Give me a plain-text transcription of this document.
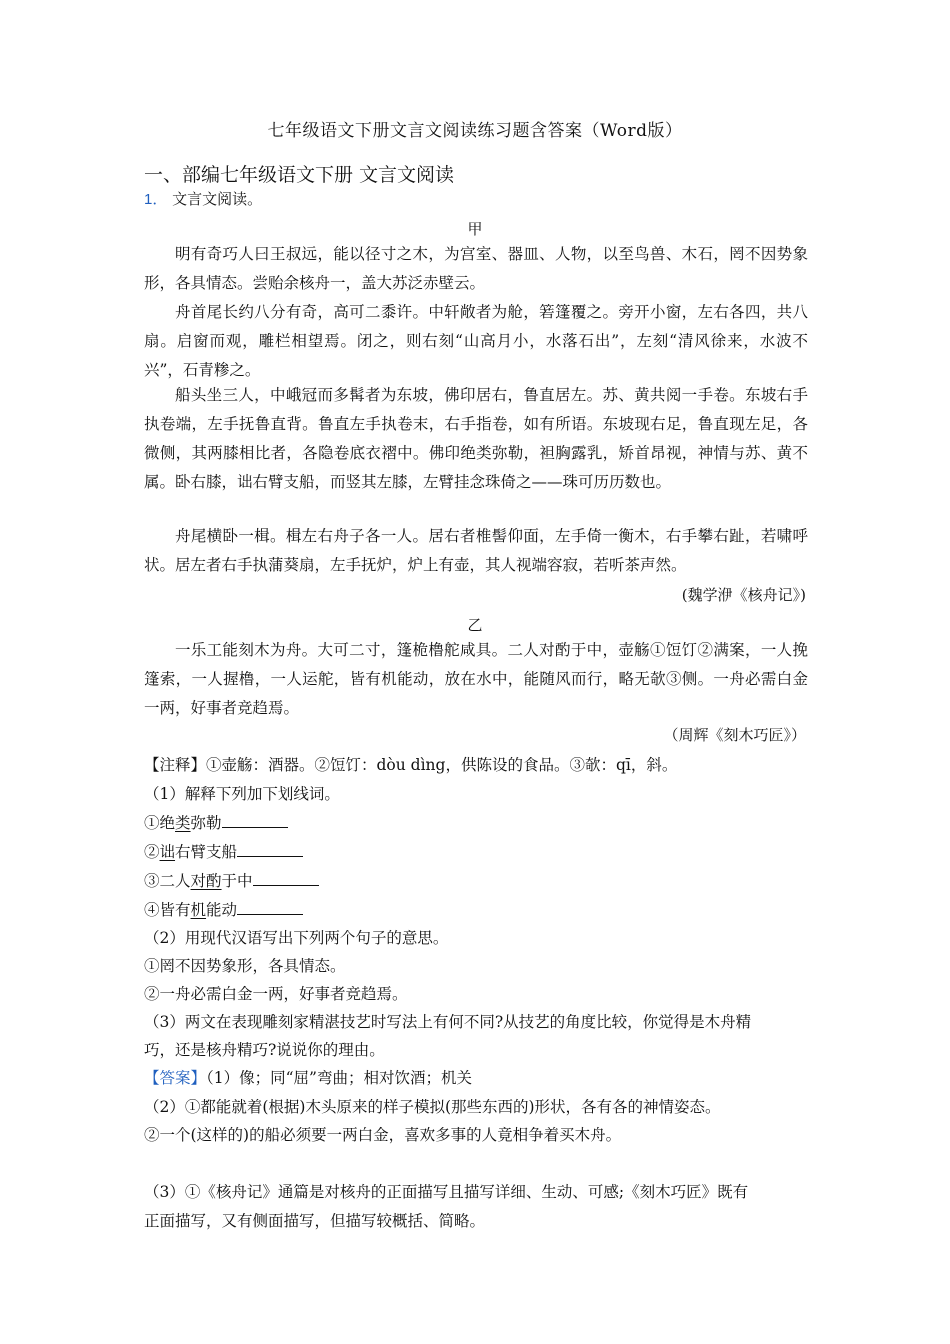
七年级语文下册文言文阅读练习题含答案（Word版）
一、部编七年级语文下册 文言文阅读
1． 文言文阅读。
甲

明有奇巧人曰王叔远，能以径寸之木，为宫室、器皿、人物，以至鸟兽、木石，罔不因势象形，各具情态。尝贻余核舟一，盖大苏泛赤壁云。

舟首尾长约八分有奇，高可二黍许。中轩敞者为舱，箬篷覆之。旁开小窗，左右各四，共八扇。启窗而观，雕栏相望焉。闭之，则右刻“山高月小，水落石出”，左刻“清风徐来，水波不兴”，石青糁之。

船头坐三人，中峨冠而多髯者为东坡，佛印居右，鲁直居左。苏、黄共阅一手卷。东坡右手执卷端，左手抚鲁直背。鲁直左手执卷末，右手指卷，如有所语。东坡现右足，鲁直现左足，各微侧，其两膝相比者，各隐卷底衣褶中。佛印绝类弥勒，袒胸露乳，矫首昂视，神情与苏、黄不属。卧右膝，诎右臂支船，而竖其左膝，左臂挂念珠倚之——珠可历历数也。

舟尾横卧一楫。楫左右舟子各一人。居右者椎髻仰面，左手倚一衡木，右手攀右趾，若啸呼状。居左者右手执蒲葵扇，左手抚炉，炉上有壶，其人视端容寂，若听茶声然。

(魏学洢《核舟记》)
乙

一乐工能刻木为舟。大可二寸，篷桅橹舵咸具。二人对酌于中，壶觞①饾饤②满案，一人挽篷索，一人握橹，一人运舵，皆有机能动，放在水中，能随风而行，略无欹③侧。一舟必需白金一两，好事者竞趋焉。

（周辉《刻木巧匠》）
【注释】①壶觞：酒器。②饾饤：dòu dìng，供陈设的食品。③欹：qī，斜。
（1）解释下列加下划线词。
①绝类弥勒
②诎右臂支船
③二人对酌于中
④皆有机能动
（2）用现代汉语写出下列两个句子的意思。
①罔不因势象形，各具情态。
②一舟必需白金一两，好事者竞趋焉。
（3）两文在表现雕刻家精湛技艺时写法上有何不同?从技艺的角度比较，你觉得是木舟精
巧，还是核舟精巧?说说你的理由。
【答案】（1）像；同“屈”弯曲；相对饮酒；机关
（2）①都能就着(根据)木头原来的样子模拟(那些东西的)形状，各有各的神情姿态。
②一个(这样的)的船必须要一两白金，喜欢多事的人竟相争着买木舟。
（3）①《核舟记》通篇是对核舟的正面描写且描写详细、生动、可感;《刻木巧匠》既有
正面描写，又有侧面描写，但描写较概括、简略。
